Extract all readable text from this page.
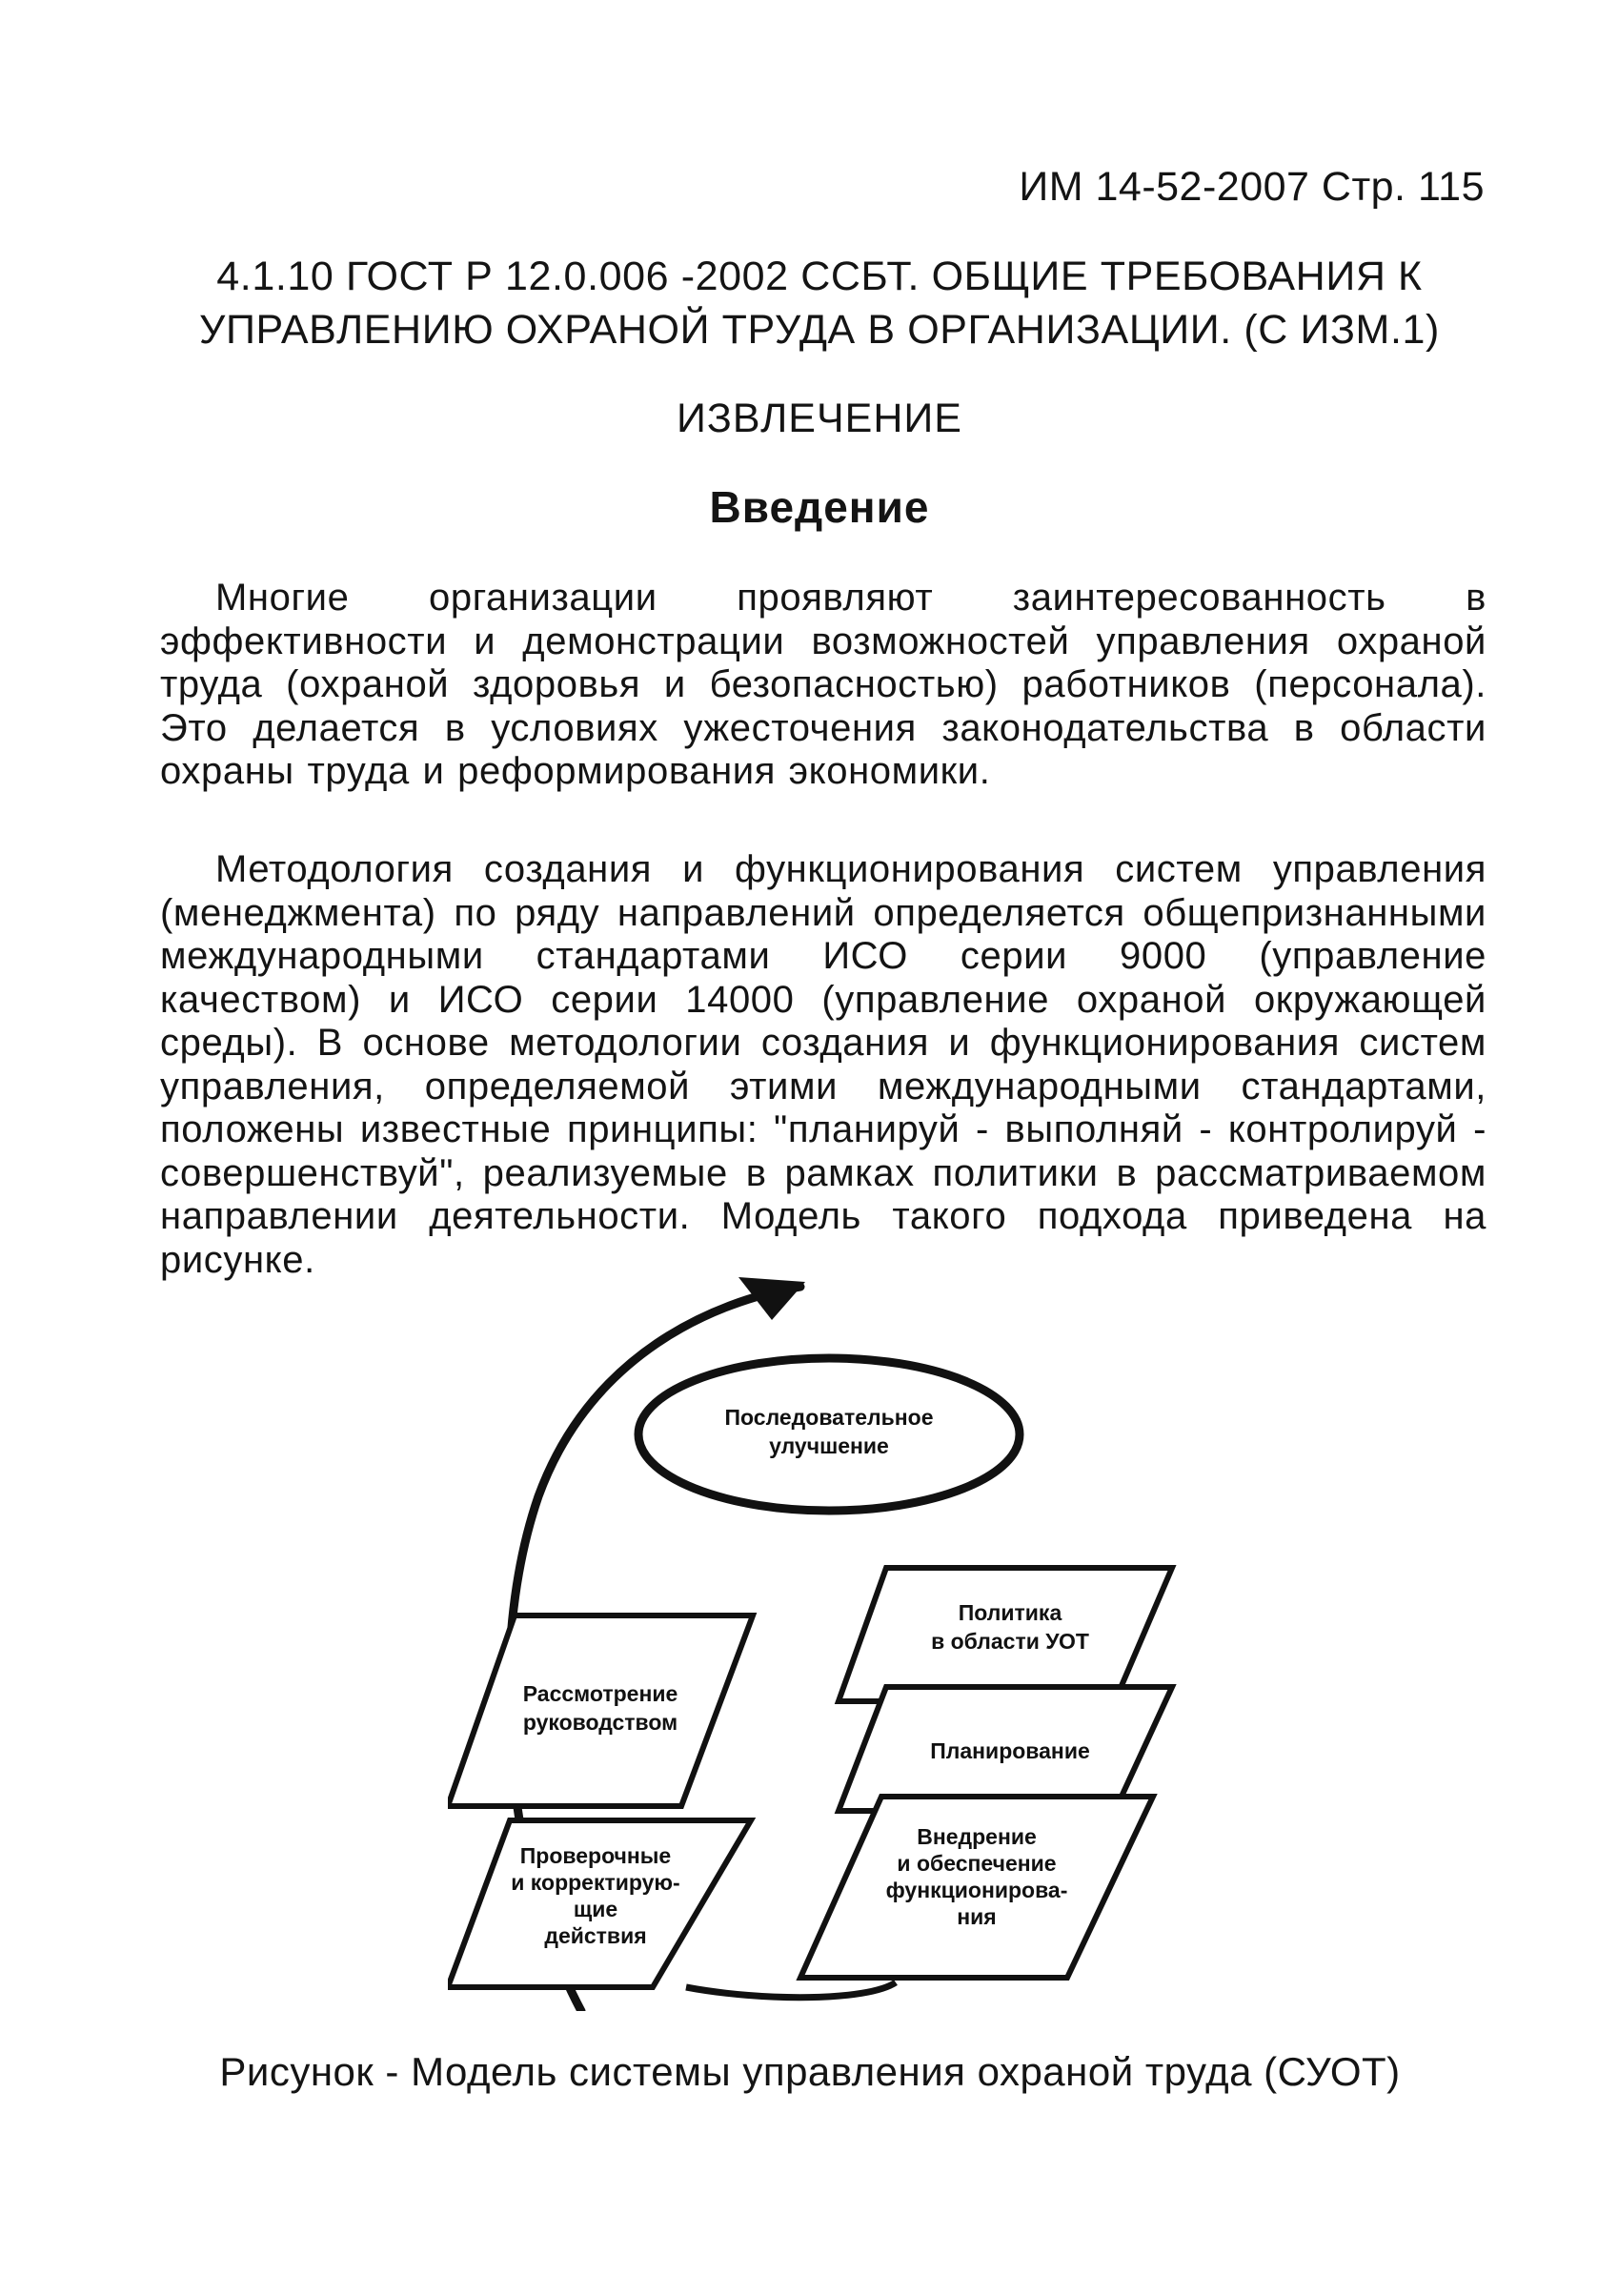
ИМ 14-52-2007 Стр. 115
4.1.10 ГОСТ Р 12.0.006 -2002 ССБТ. ОБЩИЕ ТРЕБОВАНИЯ К
УПРАВЛЕНИЮ ОХРАНОЙ ТРУДА В ОРГАНИЗАЦИИ. (С ИЗМ.1)
ИЗВЛЕЧЕНИЕ
Введение

Многие организации проявляют заинтересованность в эффективности и демонстрации возможностей управления охраной труда (охраной здоровья и безопасностью) работников (персонала). Это делается в условиях ужесточения законодательства в области охраны труда и реформирования экономики.

Методология создания и функционирования систем управления (менеджмента) по ряду направлений определяется общепризнанными международными стандартами ИСО серии 9000 (управление качеством) и ИСО серии 14000 (управление охраной окружающей среды). В основе методологии создания и функционирования систем управления, определяемой этими международными стандартами, положены известные принципы: "планируй - выполняй - контролируй - совершенствуй", реализуемые в рамках политики в рассматриваемом направлении деятельности. Модель такого подхода приведена на рисунке.

Последовательное
улучшение
Рассмотрение
руководством
Политика
в области УОТ
Планирование
Проверочные
и корректирую-
щие
действия
Внедрение
и обеспечение
функционирова-
ния
Рисунок - Модель системы управления охраной труда (СУОТ)
